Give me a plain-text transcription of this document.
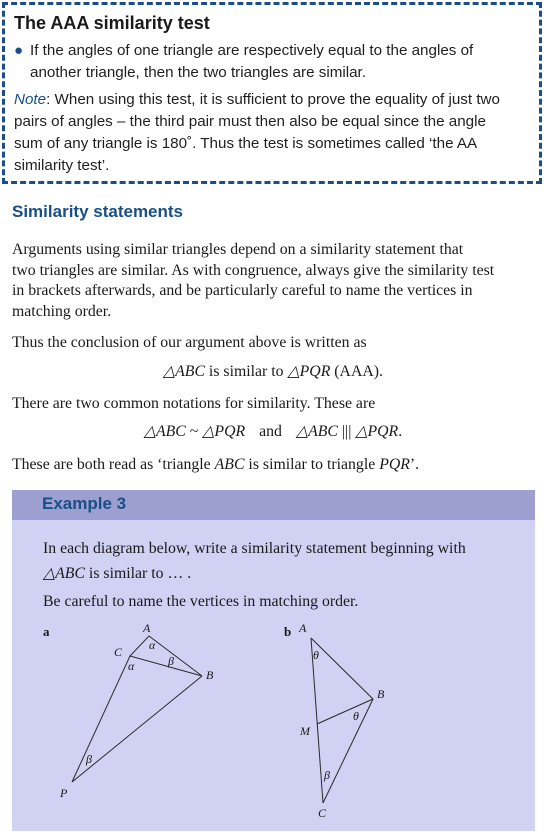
The AAA similarity test
● If the angles of one triangle are respectively equal to the angles of
another triangle, then the two triangles are similar.
Note: When using this test, it is sufficient to prove the equality of just two
pairs of angles – the third pair must then also be equal since the angle
sum of any triangle is 180˚. Thus the test is sometimes called ‘the AA
similarity test’.
Similarity statements
Arguments using similar triangles depend on a similarity statement that
two triangles are similar. As with congruence, always give the similarity test
in brackets afterwards, and be particularly careful to name the vertices in
matching order.
Thus the conclusion of our argument above is written as
△ABC is similar to △PQR (AAA).
There are two common notations for similarity. These are
△ABC ~ △PQR and △ABC ||| △PQR.
These are both read as ‘triangle ABC is similar to triangle PQR’.
Example 3
In each diagram below, write a similarity statement beginning with
△ABC is similar to … .
Be careful to name the vertices in matching order.
a	A
B
C
P
α
α	β
β
b A
B
C
M
θ
θ
β
